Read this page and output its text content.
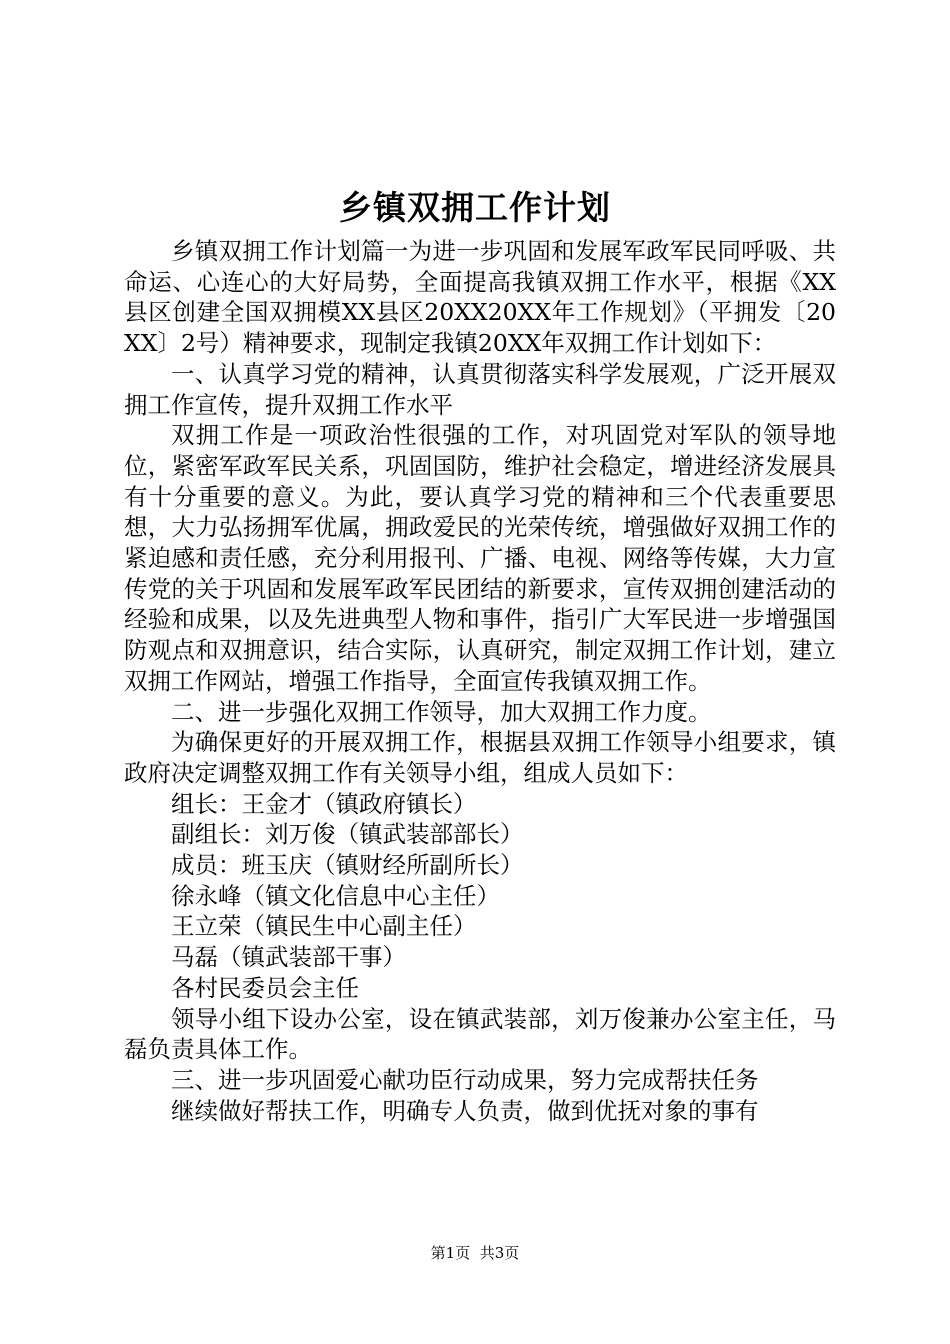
乡镇双拥工作计划

乡镇双拥工作计划篇一为进一步巩固和发展军政军民同呼吸、共命运、心连心的大好局势，全面提高我镇双拥工作水平，根据《XX县区创建全国双拥模XX县区20XX20XX年工作规划》（平拥发〔20XX〕2号）精神要求，现制定我镇20XX年双拥工作计划如下：

一、认真学习党的精神，认真贯彻落实科学发展观，广泛开展双拥工作宣传，提升双拥工作水平

双拥工作是一项政治性很强的工作，对巩固党对军队的领导地位，紧密军政军民关系，巩固国防，维护社会稳定，增进经济发展具有十分重要的意义。为此，要认真学习党的精神和三个代表重要思想，大力弘扬拥军优属，拥政爱民的光荣传统，增强做好双拥工作的紧迫感和责任感，充分利用报刊、广播、电视、网络等传媒，大力宣传党的关于巩固和发展军政军民团结的新要求，宣传双拥创建活动的经验和成果，以及先进典型人物和事件，指引广大军民进一步增强国防观点和双拥意识，结合实际，认真研究，制定双拥工作计划，建立双拥工作网站，增强工作指导，全面宣传我镇双拥工作。

二、进一步强化双拥工作领导，加大双拥工作力度。

为确保更好的开展双拥工作，根据县双拥工作领导小组要求，镇政府决定调整双拥工作有关领导小组，组成人员如下：

组长：王金才（镇政府镇长）

副组长：刘万俊（镇武装部部长）

成员：班玉庆（镇财经所副所长）

徐永峰（镇文化信息中心主任）

王立荣（镇民生中心副主任）

马磊（镇武装部干事）

各村民委员会主任

领导小组下设办公室，设在镇武装部，刘万俊兼办公室主任，马磊负责具体工作。

三、进一步巩固爱心献功臣行动成果，努力完成帮扶任务

继续做好帮扶工作，明确专人负责，做到优抚对象的事有

第1页 共3页
